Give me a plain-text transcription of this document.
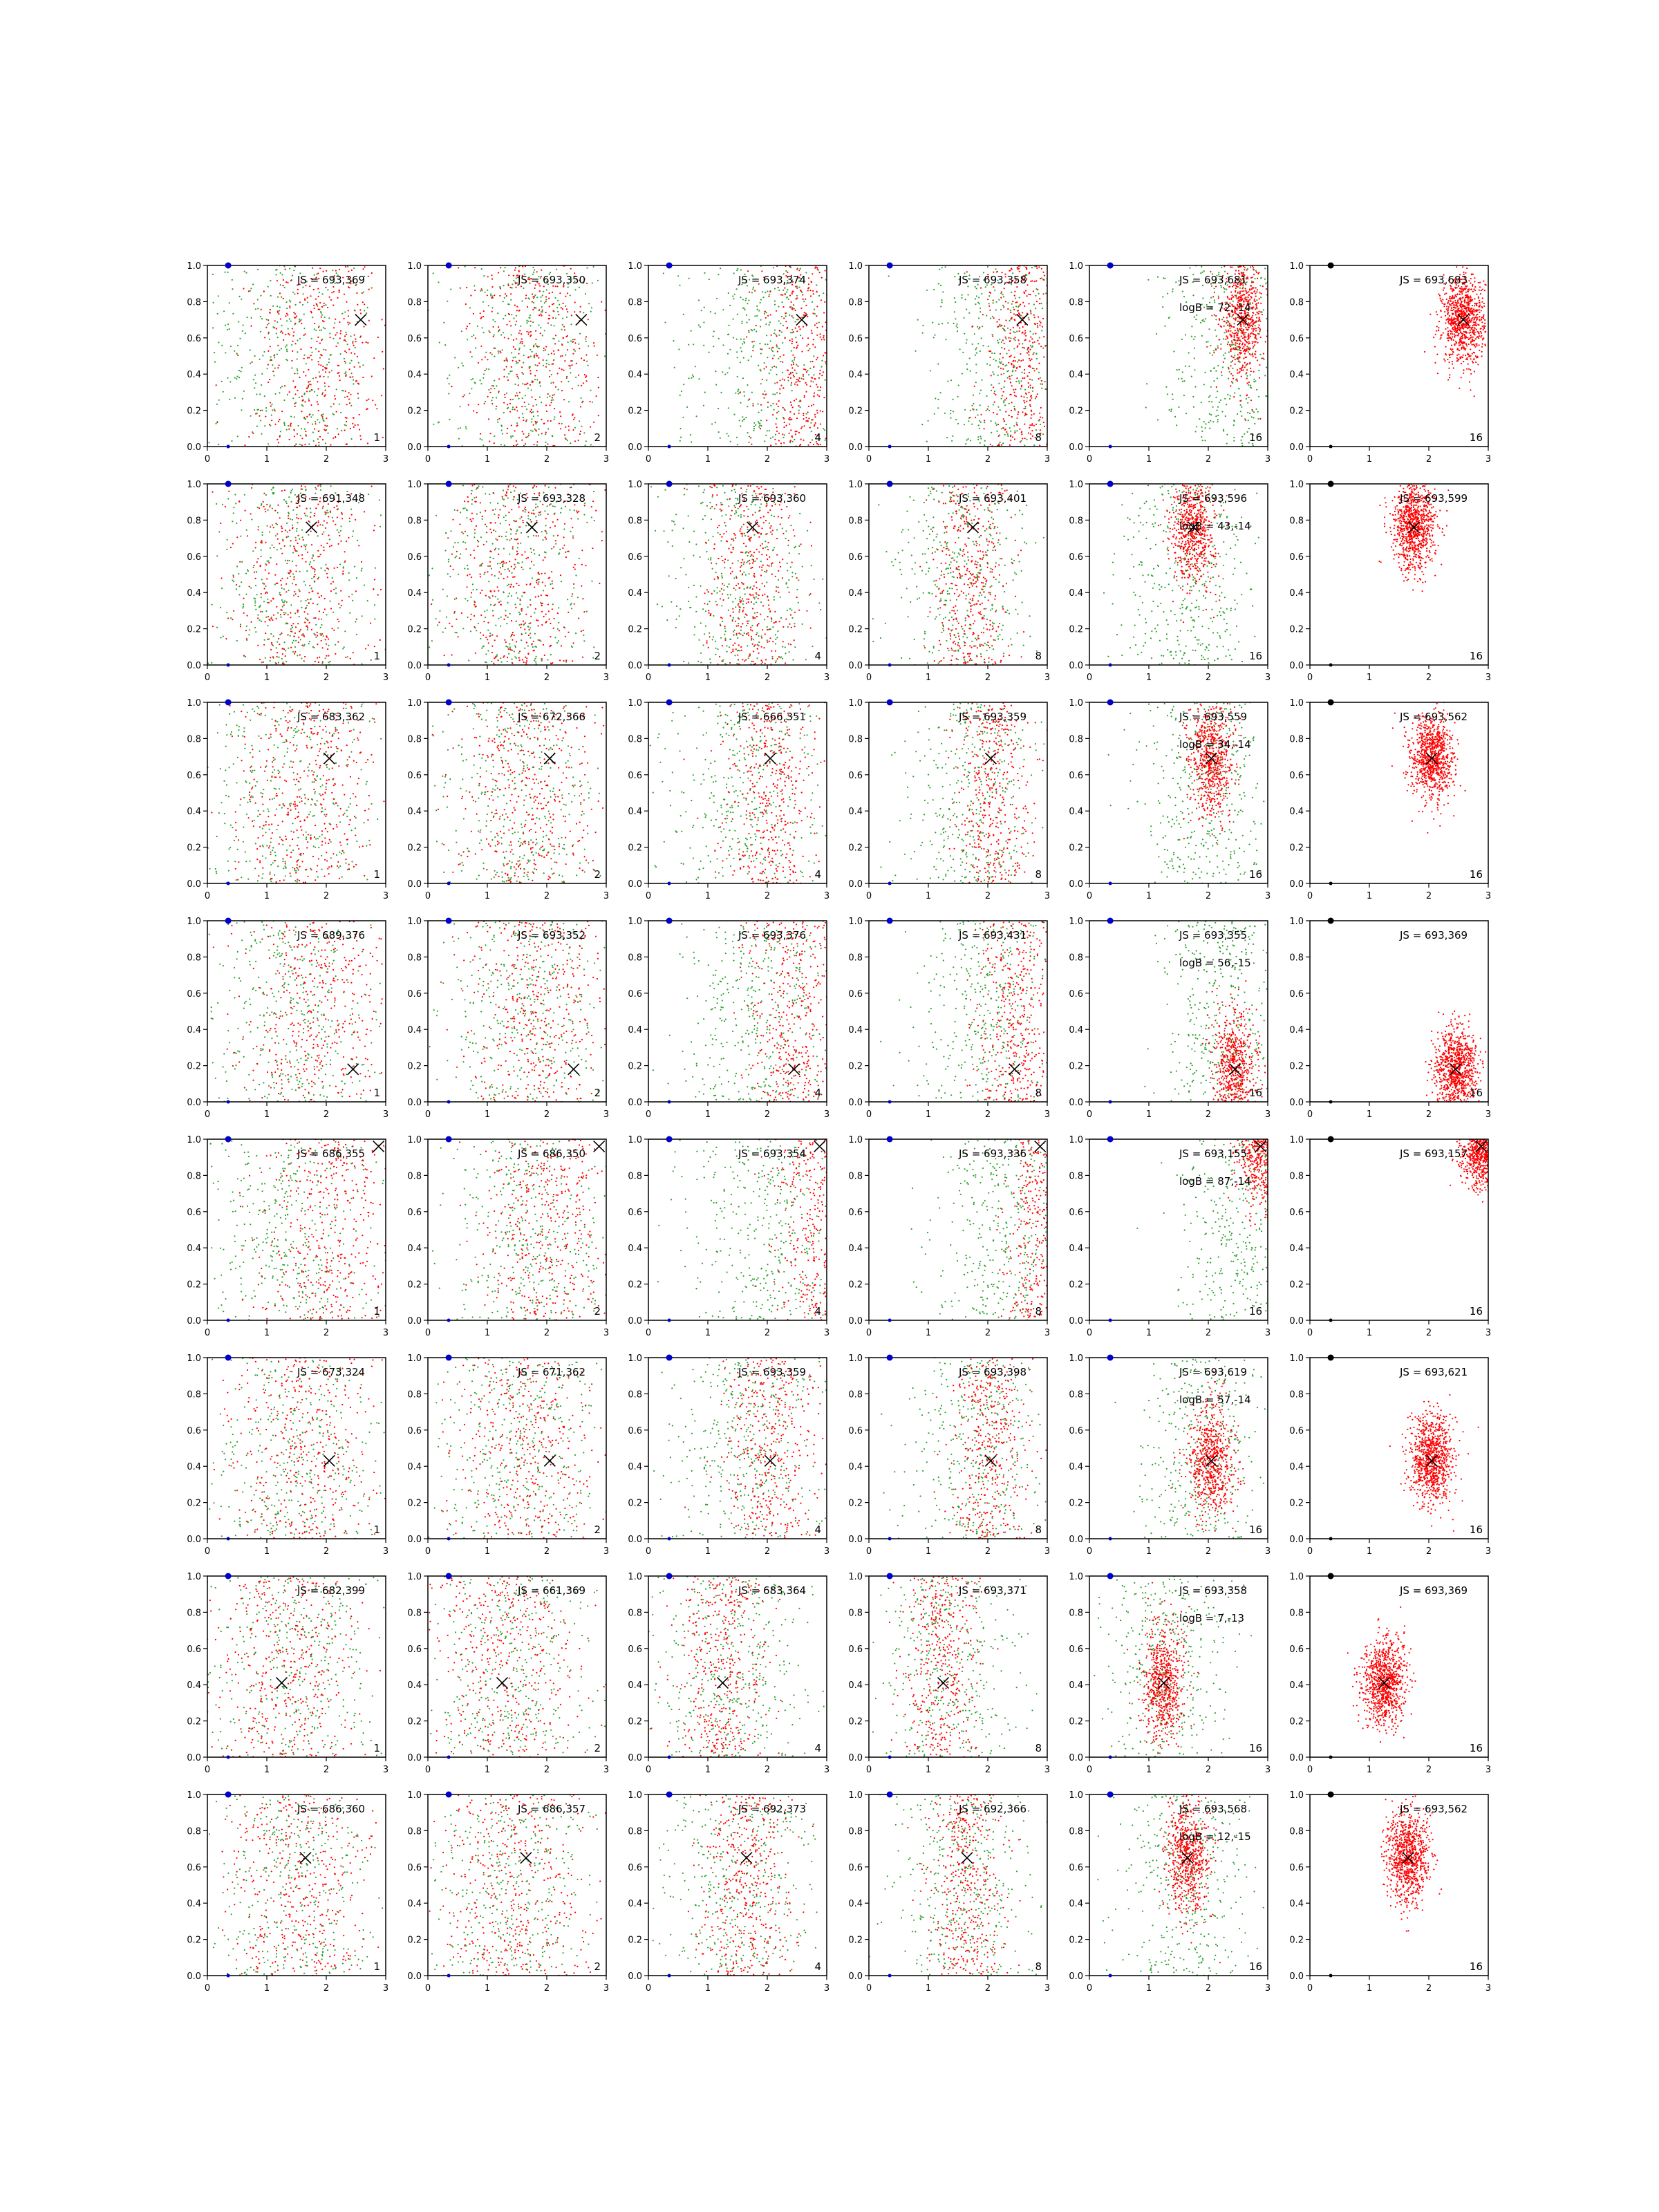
0	1	2	3
0.0
0.2
0.4
0.6
0.8
1.0
JS = 693,369
1
0	1	2	3
0.0
0.2
0.4
0.6
0.8
1.0
JS = 693,350
2
0	1	2	3
0.0
0.2
0.4
0.6
0.8
1.0
JS = 693,374
4
0	1	2	3
0.0
0.2
0.4
0.6
0.8
1.0
JS = 693,358
8
0	1	2	3
0.0
0.2
0.4
0.6
0.8
1.0
JS = 693,681
logB = 72,-14
16
0	1	2	3
0.0
0.2
0.4
0.6
0.8
1.0
JS = 693,683
16
0	1	2	3
0.0
0.2
0.4
0.6
0.8
1.0
JS = 691,348
1
0	1	2	3
0.0
0.2
0.4
0.6
0.8
1.0
JS = 693,328
2
0	1	2	3
0.0
0.2
0.4
0.6
0.8
1.0
JS = 693,360
4
0	1	2	3
0.0
0.2
0.4
0.6
0.8
1.0
JS = 693,401
8
0	1	2	3
0.0
0.2
0.4
0.6
0.8
1.0
JS = 693,596
logB = 43,-14
16
0	1	2	3
0.0
0.2
0.4
0.6
0.8
1.0
JS = 693,599
16
0	1	2	3
0.0
0.2
0.4
0.6
0.8
1.0
JS = 683,362
1
0	1	2	3
0.0
0.2
0.4
0.6
0.8
1.0
JS = 672,366
2
0	1	2	3
0.0
0.2
0.4
0.6
0.8
1.0
JS = 666,351
4
0	1	2	3
0.0
0.2
0.4
0.6
0.8
1.0
JS = 693,359
8
0	1	2	3
0.0
0.2
0.4
0.6
0.8
1.0
JS = 693,559
logB = 34,-14
16
0	1	2	3
0.0
0.2
0.4
0.6
0.8
1.0
JS = 693,562
16
0	1	2	3
0.0
0.2
0.4
0.6
0.8
1.0
JS = 689,376
1
0	1	2	3
0.0
0.2
0.4
0.6
0.8
1.0
JS = 693,352
2
0	1	2	3
0.0
0.2
0.4
0.6
0.8
1.0
JS = 693,376
4
0	1	2	3
0.0
0.2
0.4
0.6
0.8
1.0
JS = 693,431
8
0	1	2	3
0.0
0.2
0.4
0.6
0.8
1.0
JS = 693,355
logB = 56,-15
16
0	1	2	3
0.0
0.2
0.4
0.6
0.8
1.0
JS = 693,369
16
0	1	2	3
0.0
0.2
0.4
0.6
0.8
1.0
JS = 686,355
1
0	1	2	3
0.0
0.2
0.4
0.6
0.8
1.0
JS = 686,350
2
0	1	2	3
0.0
0.2
0.4
0.6
0.8
1.0
JS = 693,354
4
0	1	2	3
0.0
0.2
0.4
0.6
0.8
1.0
JS = 693,336
8
0	1	2	3
0.0
0.2
0.4
0.6
0.8
1.0
JS = 693,155
logB = 87,-14
16
0	1	2	3
0.0
0.2
0.4
0.6
0.8
1.0
JS = 693,157
16
0	1	2	3
0.0
0.2
0.4
0.6
0.8
1.0
JS = 673,324
1
0	1	2	3
0.0
0.2
0.4
0.6
0.8
1.0
JS = 671,362
2
0	1	2	3
0.0
0.2
0.4
0.6
0.8
1.0
JS = 693,359
4
0	1	2	3
0.0
0.2
0.4
0.6
0.8
1.0
JS = 693,398
8
0	1	2	3
0.0
0.2
0.4
0.6
0.8
1.0
JS = 693,619
logB = 57,-14
16
0	1	2	3
0.0
0.2
0.4
0.6
0.8
1.0
JS = 693,621
16
0	1	2	3
0.0
0.2
0.4
0.6
0.8
1.0
JS = 682,399
1
0	1	2	3
0.0
0.2
0.4
0.6
0.8
1.0
JS = 661,369
2
0	1	2	3
0.0
0.2
0.4
0.6
0.8
1.0
JS = 683,364
4
0	1	2	3
0.0
0.2
0.4
0.6
0.8
1.0
JS = 693,371
8
0	1	2	3
0.0
0.2
0.4
0.6
0.8
1.0
JS = 693,358
logB = 7,-13
16
0	1	2	3
0.0
0.2
0.4
0.6
0.8
1.0
JS = 693,369
16
0	1	2	3
0.0
0.2
0.4
0.6
0.8
1.0
JS = 686,360
1
0	1	2	3
0.0
0.2
0.4
0.6
0.8
1.0
JS = 686,357
2
0	1	2	3
0.0
0.2
0.4
0.6
0.8
1.0
JS = 692,373
4
0	1	2	3
0.0
0.2
0.4
0.6
0.8
1.0
JS = 692,366
8
0	1	2	3
0.0
0.2
0.4
0.6
0.8
1.0
JS = 693,568
logB = 12,-15
16
0	1	2	3
0.0
0.2
0.4
0.6
0.8
1.0
JS = 693,562
16
